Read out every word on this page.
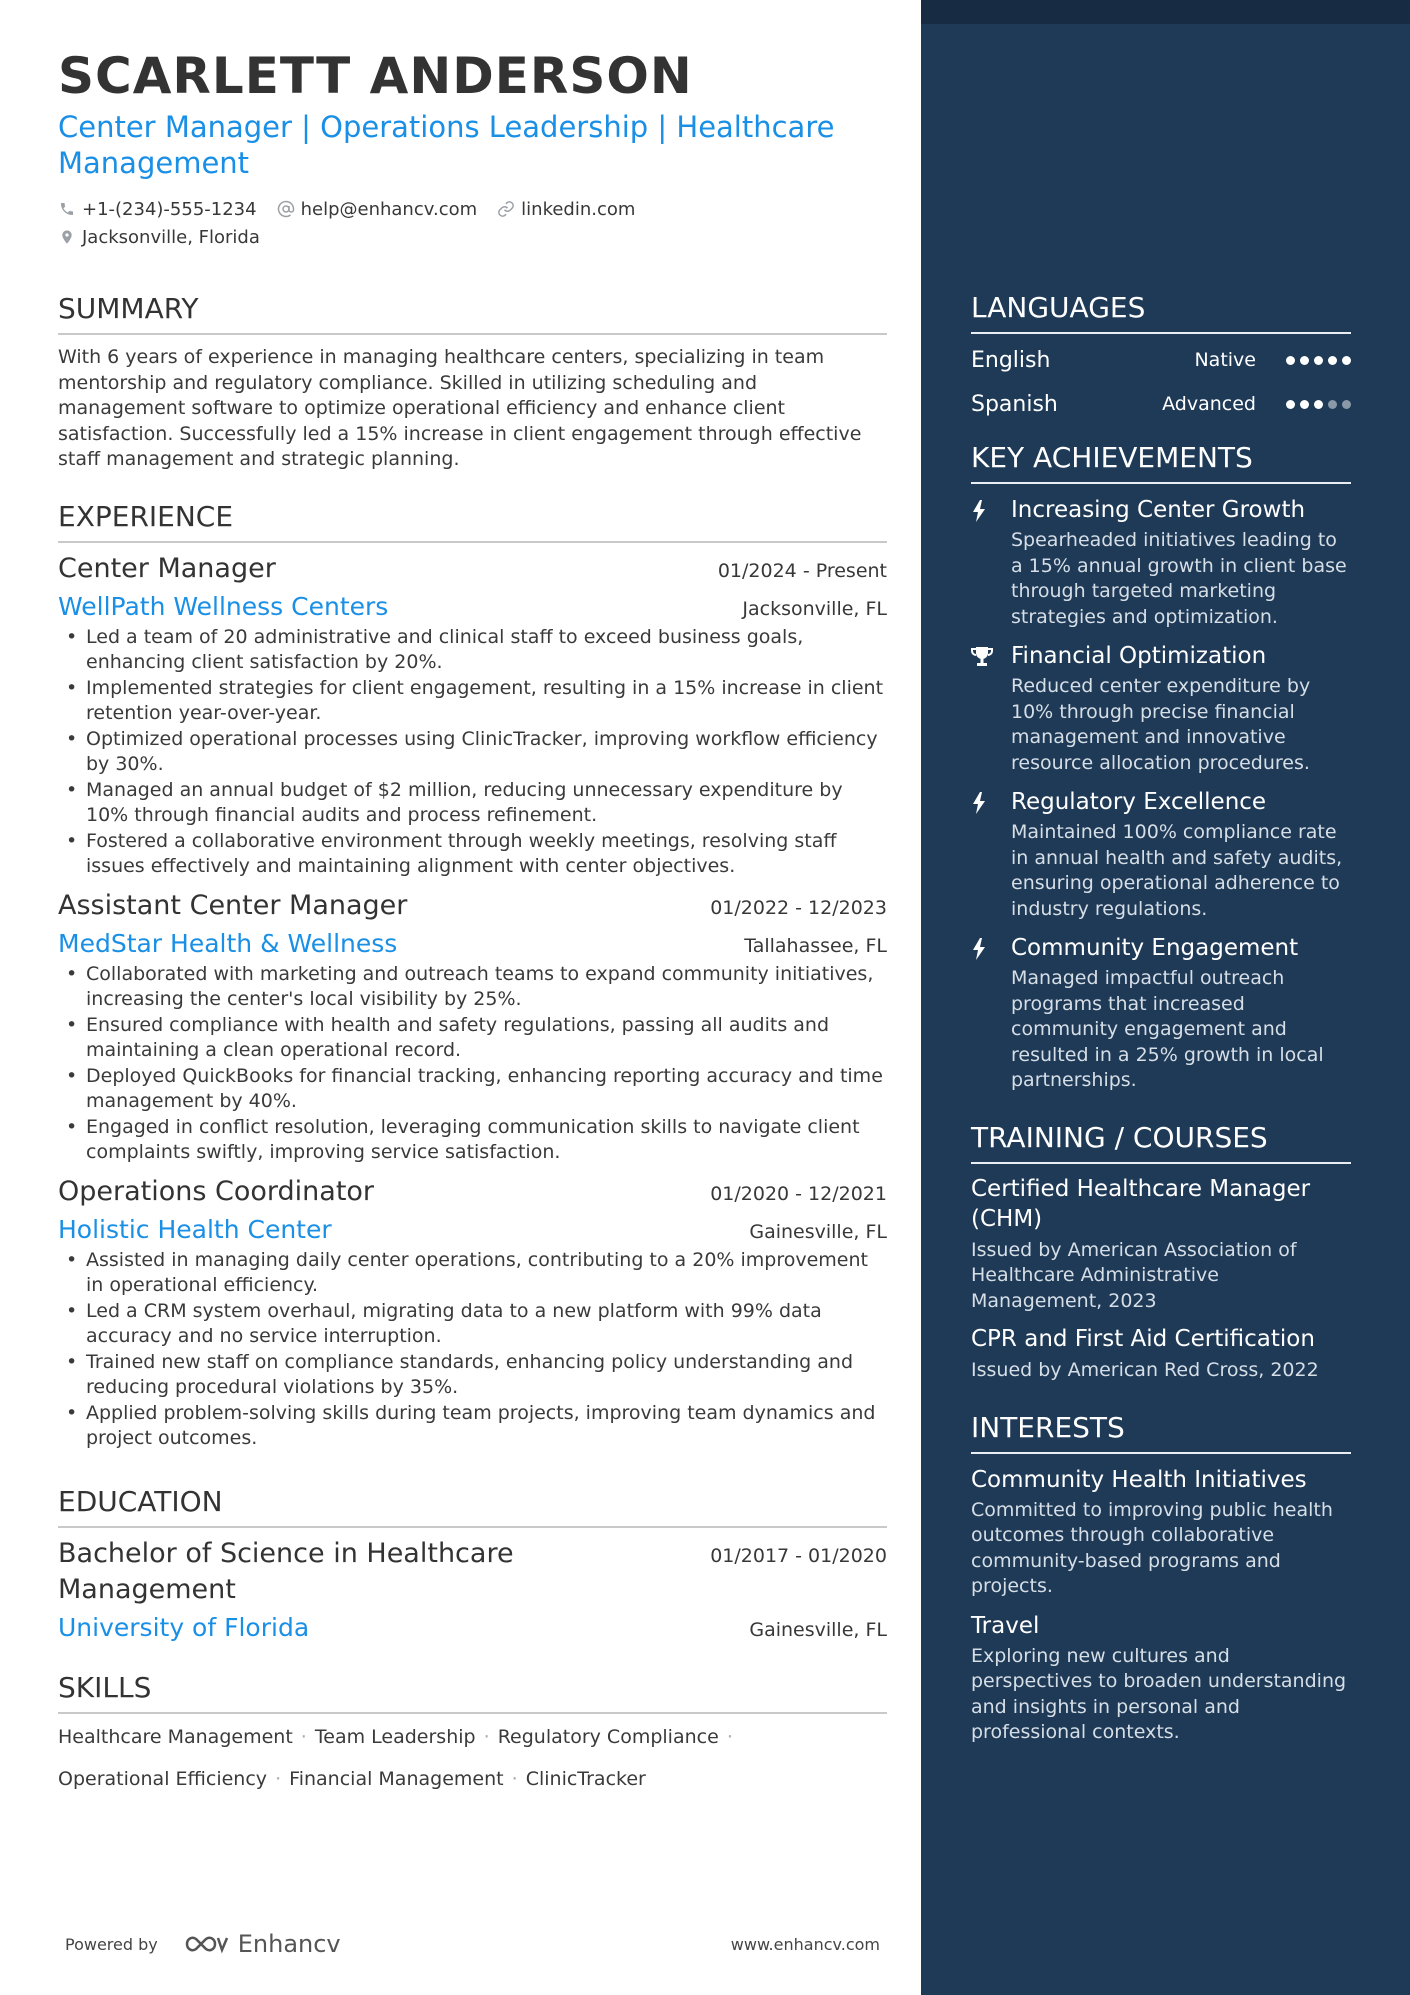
SCARLETT ANDERSON
Center Manager | Operations Leadership | Healthcare Management
+1-(234)-555-1234 help@enhancv.com linkedin.com
Jacksonville, Florida
SUMMARY
With 6 years of experience in managing healthcare centers, specializing in team mentorship and regulatory compliance. Skilled in utilizing scheduling and management software to optimize operational efficiency and enhance client satisfaction. Successfully led a 15% increase in client engagement through effective staff management and strategic planning.
EXPERIENCE
Center Manager	01/2024 - Present
WellPath Wellness Centers	Jacksonville, FL
• Led a team of 20 administrative and clinical staff to exceed business goals, enhancing client satisfaction by 20%.
• Implemented strategies for client engagement, resulting in a 15% increase in client retention year-over-year.
• Optimized operational processes using ClinicTracker, improving workflow efficiency by 30%.
• Managed an annual budget of $2 million, reducing unnecessary expenditure by 10% through financial audits and process refinement.
• Fostered a collaborative environment through weekly meetings, resolving staff issues effectively and maintaining alignment with center objectives.
Assistant Center Manager	01/2022 - 12/2023
MedStar Health & Wellness	Tallahassee, FL
• Collaborated with marketing and outreach teams to expand community initiatives, increasing the center's local visibility by 25%.
• Ensured compliance with health and safety regulations, passing all audits and maintaining a clean operational record.
• Deployed QuickBooks for financial tracking, enhancing reporting accuracy and time management by 40%.
• Engaged in conflict resolution, leveraging communication skills to navigate client complaints swiftly, improving service satisfaction.
Operations Coordinator	01/2020 - 12/2021
Holistic Health Center	Gainesville, FL
• Assisted in managing daily center operations, contributing to a 20% improvement in operational efficiency.
• Led a CRM system overhaul, migrating data to a new platform with 99% data accuracy and no service interruption.
• Trained new staff on compliance standards, enhancing policy understanding and reducing procedural violations by 35%.
• Applied problem-solving skills during team projects, improving team dynamics and project outcomes.
EDUCATION
Bachelor of Science in Healthcare Management
01/2017 - 01/2020
University of Florida	Gainesville, FL
SKILLS
Healthcare Management · Team Leadership · Regulatory Compliance ·
Operational Efficiency · Financial Management · ClinicTracker
Powered by	Enhancv	www.enhancv.com
LANGUAGES
English	Native
Spanish	Advanced
KEY ACHIEVEMENTS
Increasing Center Growth
Spearheaded initiatives leading to a 15% annual growth in client base through targeted marketing strategies and optimization.
Financial Optimization
Reduced center expenditure by 10% through precise financial management and innovative resource allocation procedures.
Regulatory Excellence
Maintained 100% compliance rate in annual health and safety audits, ensuring operational adherence to industry regulations.
Community Engagement
Managed impactful outreach programs that increased community engagement and resulted in a 25% growth in local partnerships.
TRAINING / COURSES
Certified Healthcare Manager (CHM)
Issued by American Association of Healthcare Administrative Management, 2023
CPR and First Aid Certification
Issued by American Red Cross, 2022
INTERESTS
Community Health Initiatives
Committed to improving public health outcomes through collaborative community-based programs and projects.
Travel
Exploring new cultures and perspectives to broaden understanding and insights in personal and professional contexts.
